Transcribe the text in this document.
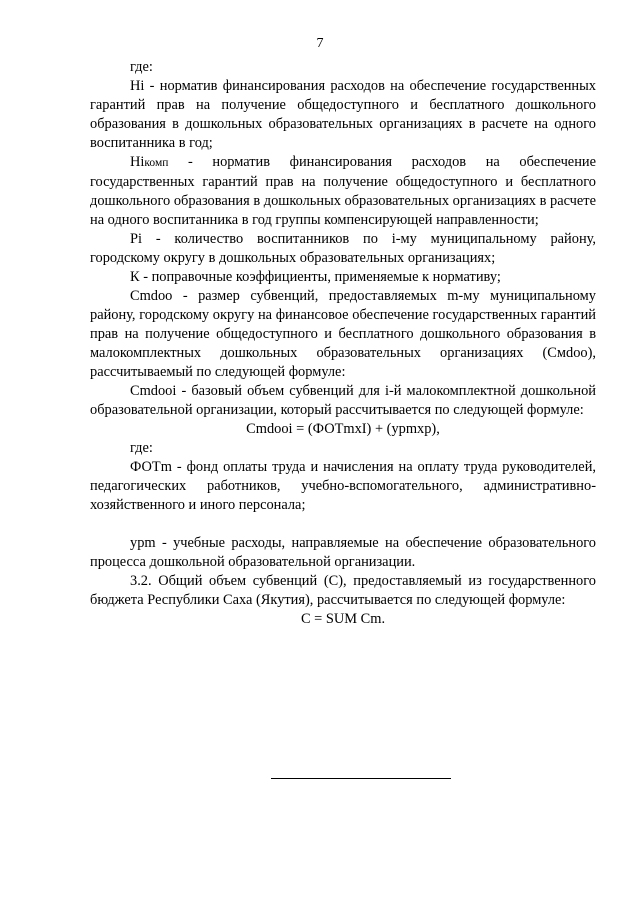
7

где:

Hi - норматив финансирования расходов на обеспечение государственных гарантий прав на получение общедоступного и бесплатного дошкольного образования в дошкольных образовательных организациях в расчете на одного воспитанника в год;

Hiкомп - норматив финансирования расходов на обеспечение государственных гарантий прав на получение общедоступного и бесплатного дошкольного образования в дошкольных образовательных организациях в расчете на одного воспитанника в год группы компенсирующей направленности;

Pi - количество воспитанников по i-му муниципальному району, городскому округу в дошкольных образовательных организациях;

К - поправочные коэффициенты, применяемые к нормативу;

Cmdoo - размер субвенций, предоставляемых m-му муниципальному району, городскому округу на финансовое обеспечение государственных гарантий прав на получение общедоступного и бесплатного дошкольного образования в малокомплектных дошкольных образовательных организациях (Cмdoo), рассчитываемый по следующей формуле:

Cmdooi - базовый объем субвенций для i-й малокомплектной дошкольной образовательной организации, который рассчитывается по следующей формуле:

Cmdooi = (ФОТmxI) + (уpmxp),

где:

ФОТm - фонд оплаты труда и начисления на оплату труда руководителей, педагогических работников, учебно-вспомогательного, административно-хозяйственного и иного персонала;

уpm - учебные расходы, направляемые на обеспечение образовательного процесса дошкольной образовательной организации.

3.2. Общий объем субвенций (С), предоставляемый из государственного бюджета Республики Саха (Якутия), рассчитывается по следующей формуле:

C = SUM Cm.
